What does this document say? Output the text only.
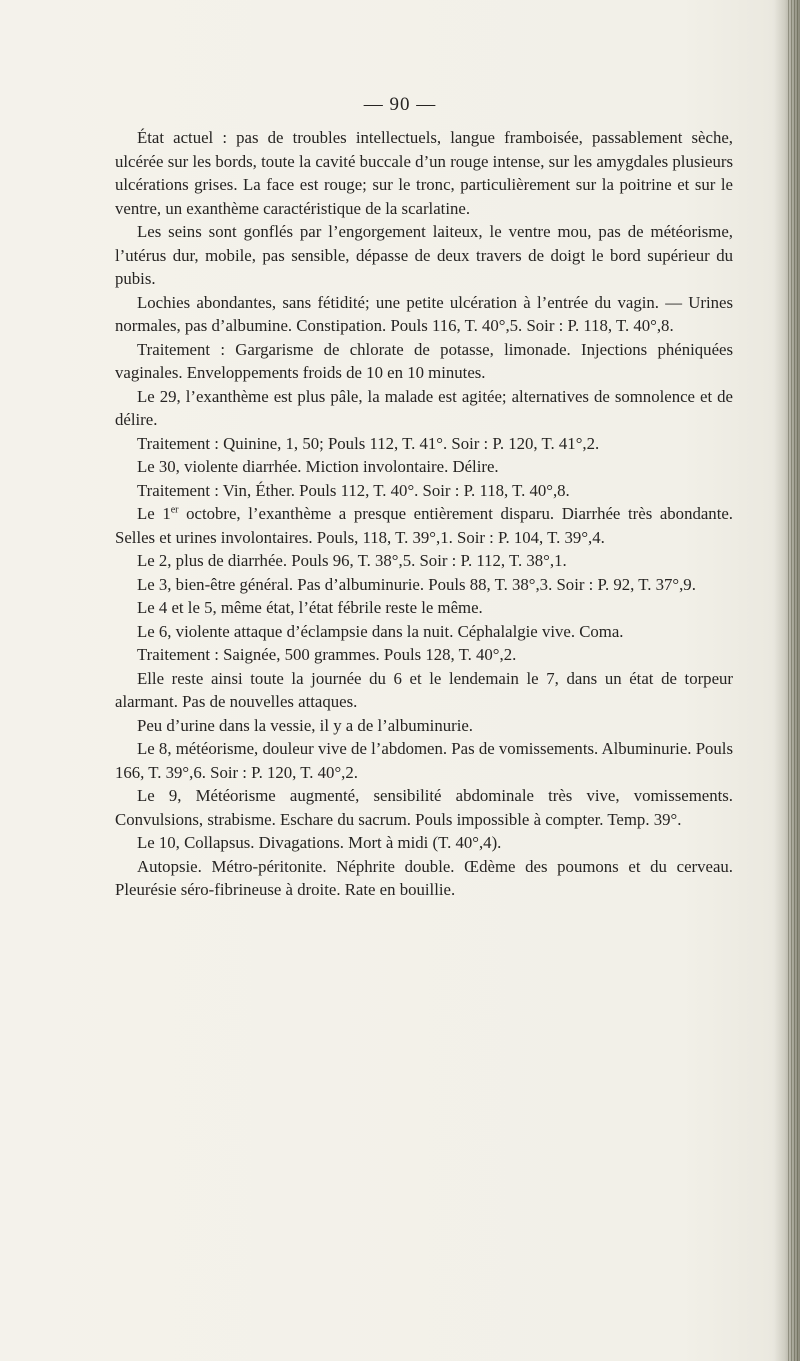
— 90 —

État actuel : pas de troubles intellectuels, langue framboisée, passablement sèche, ulcérée sur les bords, toute la cavité buccale d’un rouge intense, sur les amygdales plusieurs ulcérations grises. La face est rouge; sur le tronc, particulièrement sur la poitrine et sur le ventre, un exanthème caractéristique de la scarlatine.

Les seins sont gonflés par l’engorgement laiteux, le ventre mou, pas de météorisme, l’utérus dur, mobile, pas sensible, dépasse de deux travers de doigt le bord supérieur du pubis.

Lochies abondantes, sans fétidité; une petite ulcération à l’entrée du vagin. — Urines normales, pas d’albumine. Constipation. Pouls 116, T. 40°,5. Soir : P. 118, T. 40°,8.

Traitement : Gargarisme de chlorate de potasse, limonade. Injections phéniquées vaginales. Enveloppements froids de 10 en 10 minutes.

Le 29, l’exanthème est plus pâle, la malade est agitée; alternatives de somnolence et de délire.

Traitement : Quinine, 1, 50; Pouls 112, T. 41°. Soir : P. 120, T. 41°,2.

Le 30, violente diarrhée. Miction involontaire. Délire.

Traitement : Vin, Éther. Pouls 112, T. 40°. Soir : P. 118, T. 40°,8.

Le 1er octobre, l’exanthème a presque entièrement disparu. Diarrhée très abondante. Selles et urines involontaires. Pouls, 118, T. 39°,1. Soir : P. 104, T. 39°,4.

Le 2, plus de diarrhée. Pouls 96, T. 38°,5. Soir : P. 112, T. 38°,1.

Le 3, bien-être général. Pas d’albuminurie. Pouls 88, T. 38°,3. Soir : P. 92, T. 37°,9.

Le 4 et le 5, même état, l’état fébrile reste le même.

Le 6, violente attaque d’éclampsie dans la nuit. Céphalalgie vive. Coma.

Traitement : Saignée, 500 grammes. Pouls 128, T. 40°,2.

Elle reste ainsi toute la journée du 6 et le lendemain le 7, dans un état de torpeur alarmant. Pas de nouvelles attaques.

Peu d’urine dans la vessie, il y a de l’albuminurie.

Le 8, météorisme, douleur vive de l’abdomen. Pas de vomissements. Albuminurie. Pouls 166, T. 39°,6. Soir : P. 120, T. 40°,2.

Le 9, Météorisme augmenté, sensibilité abdominale très vive, vomissements. Convulsions, strabisme. Eschare du sacrum. Pouls impossible à compter. Temp. 39°.

Le 10, Collapsus. Divagations. Mort à midi (T. 40°,4).

Autopsie. Métro-péritonite. Néphrite double. Œdème des poumons et du cerveau. Pleurésie séro-fibrineuse à droite. Rate en bouillie.
